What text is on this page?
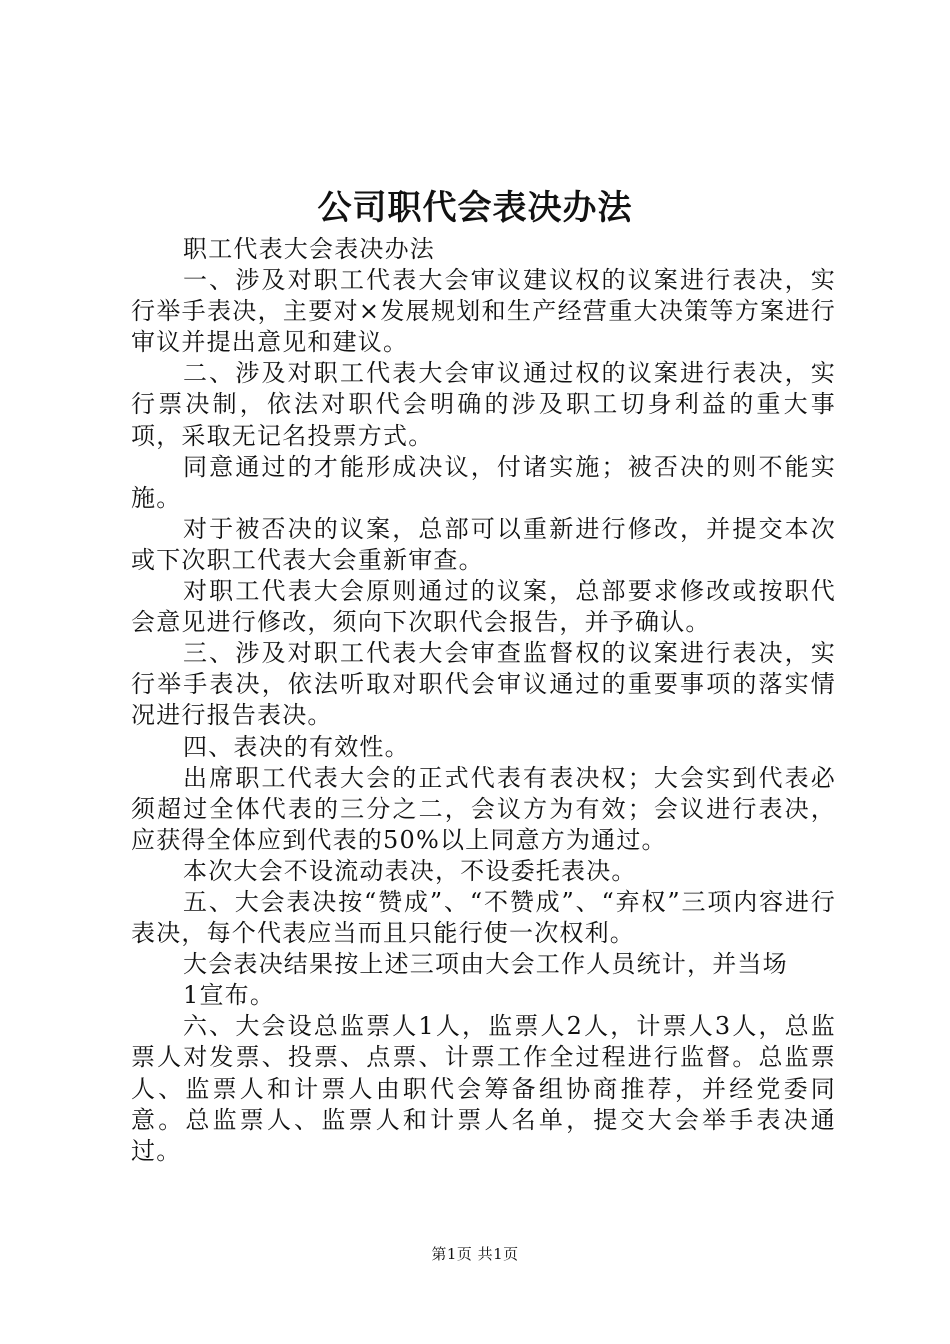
公司职代会表决办法

职工代表大会表决办法

一、涉及对职工代表大会审议建议权的议案进行表决，实行举手表决，主要对×发展规划和生产经营重大决策等方案进行审议并提出意见和建议。

二、涉及对职工代表大会审议通过权的议案进行表决，实行票决制，依法对职代会明确的涉及职工切身利益的重大事项，采取无记名投票方式。

同意通过的才能形成决议，付诸实施；被否决的则不能实施。

对于被否决的议案，总部可以重新进行修改，并提交本次或下次职工代表大会重新审查。

对职工代表大会原则通过的议案，总部要求修改或按职代会意见进行修改，须向下次职代会报告，并予确认。

三、涉及对职工代表大会审查监督权的议案进行表决，实行举手表决，依法听取对职代会审议通过的重要事项的落实情况进行报告表决。

四、表决的有效性。

出席职工代表大会的正式代表有表决权；大会实到代表必须超过全体代表的三分之二，会议方为有效；会议进行表决，应获得全体应到代表的50%以上同意方为通过。

本次大会不设流动表决，不设委托表决。

五、大会表决按“赞成”、“不赞成”、“弃权”三项内容进行表决，每个代表应当而且只能行使一次权利。

大会表决结果按上述三项由大会工作人员统计，并当场

1宣布。

六、大会设总监票人1人，监票人2人，计票人3人，总监票人对发票、投票、点票、计票工作全过程进行监督。总监票人、监票人和计票人由职代会筹备组协商推荐，并经党委同意。总监票人、监票人和计票人名单，提交大会举手表决通过。

第1页 共1页
